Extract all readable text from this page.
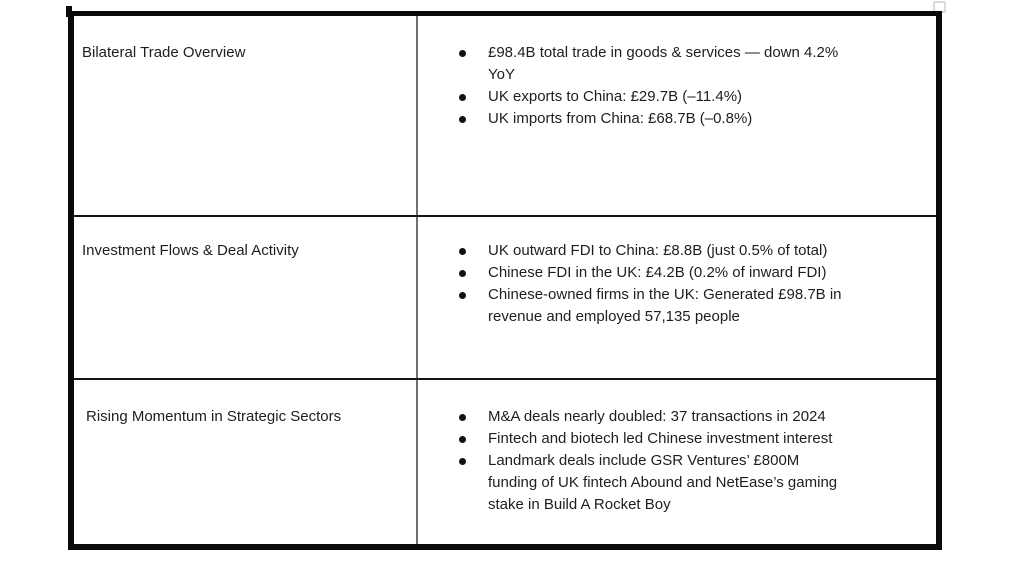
Bilateral Trade Overview	£98.4B total trade in goods & services — down 4.2%
YoY
UK exports to China: £29.7B (–11.4%)
UK imports from China: £68.7B (–0.8%)
Investment Flows & Deal Activity	UK outward FDI to China: £8.8B (just 0.5% of total)
Chinese FDI in the UK: £4.2B (0.2% of inward FDI)
Chinese-owned firms in the UK: Generated £98.7B in
revenue and employed 57,135 people
Rising Momentum in Strategic Sectors	M&A deals nearly doubled: 37 transactions in 2024
Fintech and biotech led Chinese investment interest
Landmark deals include GSR Ventures’ £800M
funding of UK fintech Abound and NetEase’s gaming
stake in Build A Rocket Boy
